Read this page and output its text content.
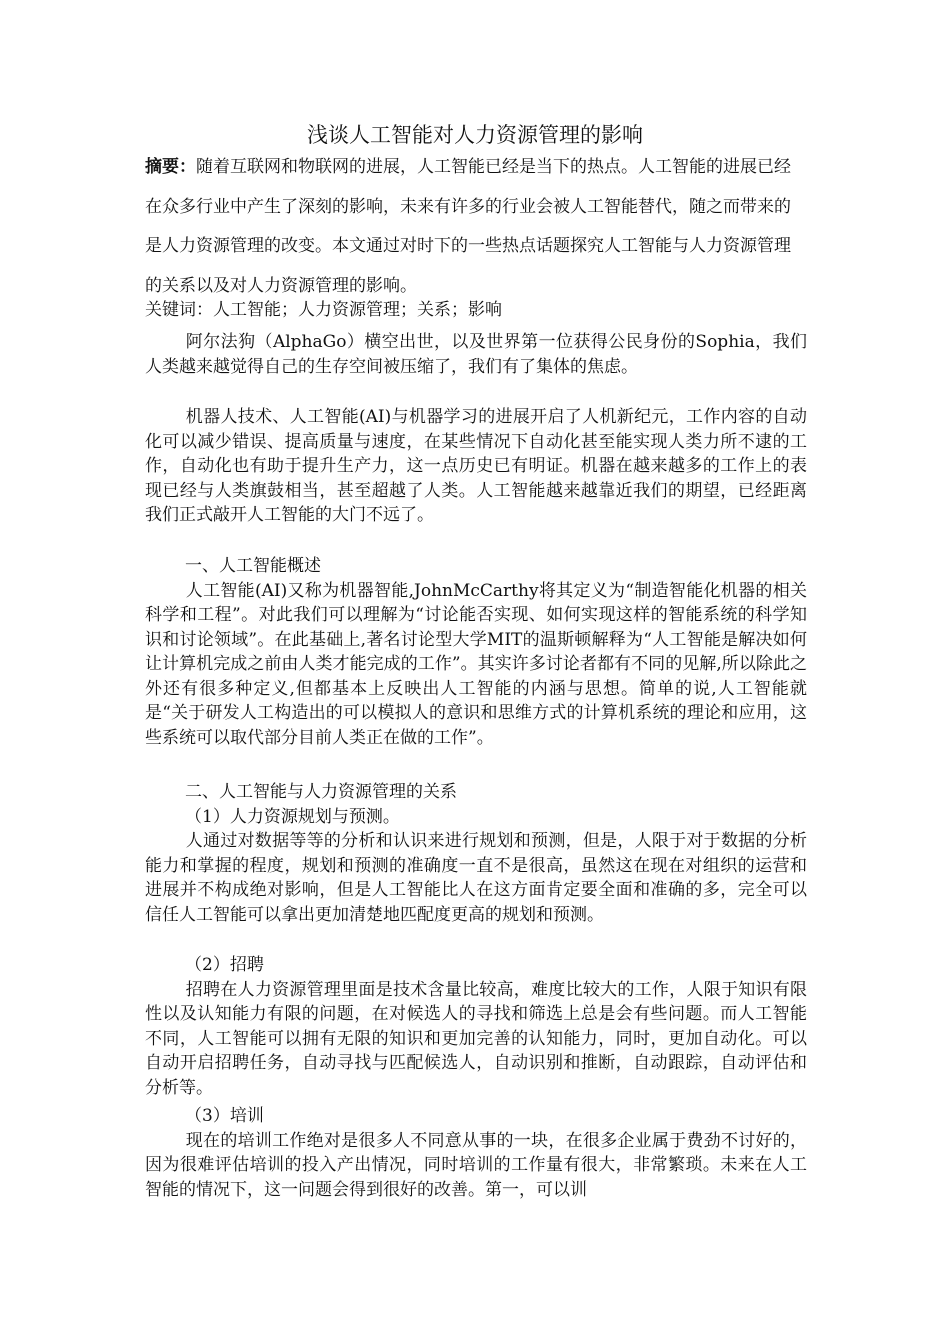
浅谈人工智能对人力资源管理的影响
摘要：随着互联网和物联网的进展，人工智能已经是当下的热点。人工智能的进展已经在众多行业中产生了深刻的影响，未来有许多的行业会被人工智能替代，随之而带来的是人力资源管理的改变。本文通过对时下的一些热点话题探究人工智能与人力资源管理的关系以及对人力资源管理的影响。
关键词：人工智能；人力资源管理；关系；影响

阿尔法狗（AlphaGo）横空出世，以及世界第一位获得公民身份的Sophia，我们人类越来越觉得自己的生存空间被压缩了，我们有了集体的焦虑。

机器人技术、人工智能(AI)与机器学习的进展开启了人机新纪元，工作内容的自动化可以减少错误、提高质量与速度，在某些情况下自动化甚至能实现人类力所不逮的工作，自动化也有助于提升生产力，这一点历史已有明证。机器在越来越多的工作上的表现已经与人类旗鼓相当，甚至超越了人类。人工智能越来越靠近我们的期望，已经距离我们正式敲开人工智能的大门不远了。

一、人工智能概述

人工智能(AI)又称为机器智能,JohnMcCarthy将其定义为“制造智能化机器的相关科学和工程”。对此我们可以理解为“讨论能否实现、如何实现这样的智能系统的科学知识和讨论领域”。在此基础上,著名讨论型大学MIT的温斯顿解释为“人工智能是解决如何让计算机完成之前由人类才能完成的工作”。其实许多讨论者都有不同的见解,所以除此之外还有很多种定义,但都基本上反映出人工智能的内涵与思想。简单的说,人工智能就是“关于研发人工构造出的可以模拟人的意识和思维方式的计算机系统的理论和应用，这些系统可以取代部分目前人类正在做的工作”。

二、人工智能与人力资源管理的关系

（1）人力资源规划与预测。

人通过对数据等等的分析和认识来进行规划和预测，但是，人限于对于数据的分析能力和掌握的程度，规划和预测的准确度一直不是很高，虽然这在现在对组织的运营和进展并不构成绝对影响，但是人工智能比人在这方面肯定要全面和准确的多，完全可以信任人工智能可以拿出更加清楚地匹配度更高的规划和预测。

（2）招聘

招聘在人力资源管理里面是技术含量比较高，难度比较大的工作，人限于知识有限性以及认知能力有限的问题，在对候选人的寻找和筛选上总是会有些问题。而人工智能不同，人工智能可以拥有无限的知识和更加完善的认知能力，同时，更加自动化。可以自动开启招聘任务，自动寻找与匹配候选人，自动识别和推断，自动跟踪，自动评估和分析等。

（3）培训

现在的培训工作绝对是很多人不同意从事的一块，在很多企业属于费劲不讨好的，因为很难评估培训的投入产出情况，同时培训的工作量有很大，非常繁琐。未来在人工智能的情况下，这一问题会得到很好的改善。第一，可以训
